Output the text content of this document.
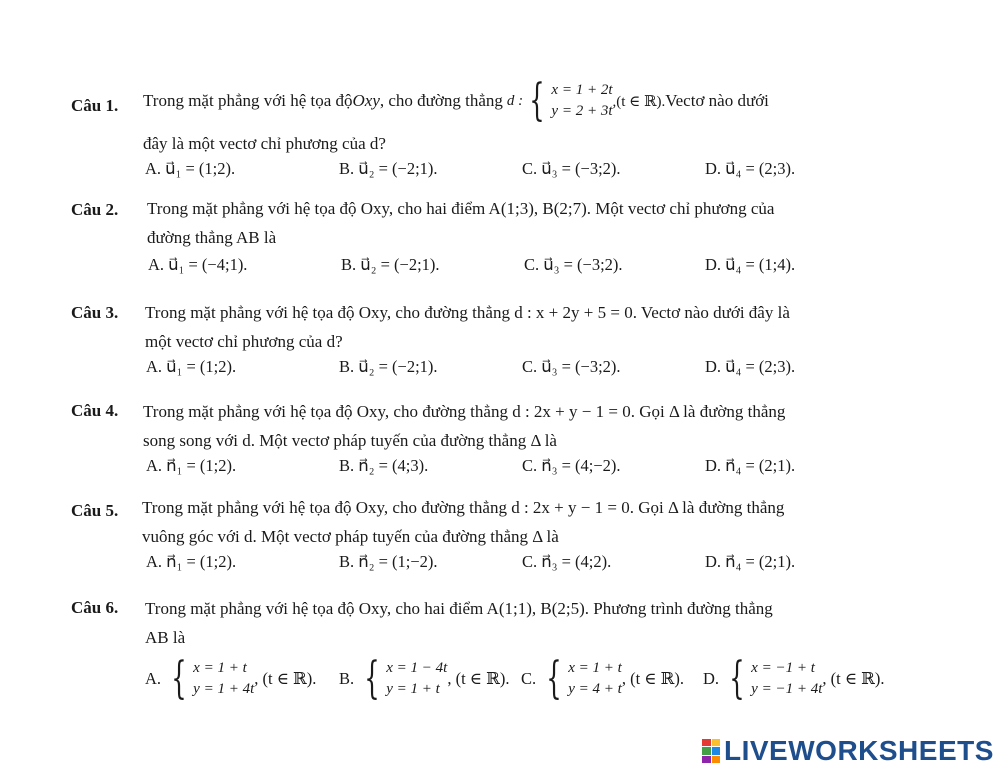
Câu 1. Trong mặt phẳng với hệ tọa độ Oxy , cho đường thẳng d : { x = 1 + 2t
y = 2 + 3t
,(t ∈ ℝ). Vectơ nào dưới
đây là một vectơ chỉ phương của d?
A. u⃗₁ = (1;2).	B. u⃗₂ = (−2;1).	C. u⃗₃ = (−3;2).	D. u⃗₄ = (2;3).
Câu 2. Trong mặt phẳng với hệ tọa độ Oxy, cho hai điểm A(1;3), B(2;7). Một vectơ chỉ phương của
đường thẳng AB là
A. u⃗₁ = (−4;1).	B. u⃗₂ = (−2;1).	C. u⃗₃ = (−3;2).	D. u⃗₄ = (1;4).
Câu 3. Trong mặt phẳng với hệ tọa độ Oxy, cho đường thẳng d : x + 2y + 5 = 0. Vectơ nào dưới đây là
một vectơ chỉ phương của d?
A. u⃗₁ = (1;2).	B. u⃗₂ = (−2;1).	C. u⃗₃ = (−3;2).	D. u⃗₄ = (2;3).
Câu 4. Trong mặt phẳng với hệ tọa độ Oxy, cho đường thẳng d : 2x + y − 1 = 0. Gọi Δ là đường thẳng
song song với d. Một vectơ pháp tuyến của đường thẳng Δ là
A. n⃗₁ = (1;2).	B. n⃗₂ = (4;3).	C. n⃗₃ = (4;−2).	D. n⃗₄ = (2;1).
Câu 5. Trong mặt phẳng với hệ tọa độ Oxy, cho đường thẳng d : 2x + y − 1 = 0. Gọi Δ là đường thẳng
vuông góc với d. Một vectơ pháp tuyến của đường thẳng Δ là
A. n⃗₁ = (1;2).	B. n⃗₂ = (1;−2).	C. n⃗₃ = (4;2).	D. n⃗₄ = (2;1).
Câu 6. Trong mặt phẳng với hệ tọa độ Oxy, cho hai điểm A(1;1), B(2;5). Phương trình đường thẳng
AB là
A. { x = 1 + t
y = 1 + 4t
, (t ∈ ℝ). B. { x = 1 − 4t
y = 1 + t
, (t ∈ ℝ). C. { x = 1 + t
y = 4 + t
, (t ∈ ℝ). D. { x = −1 + t
y = −1 + 4t
, (t ∈ ℝ).
LIVEWORKSHEETS
